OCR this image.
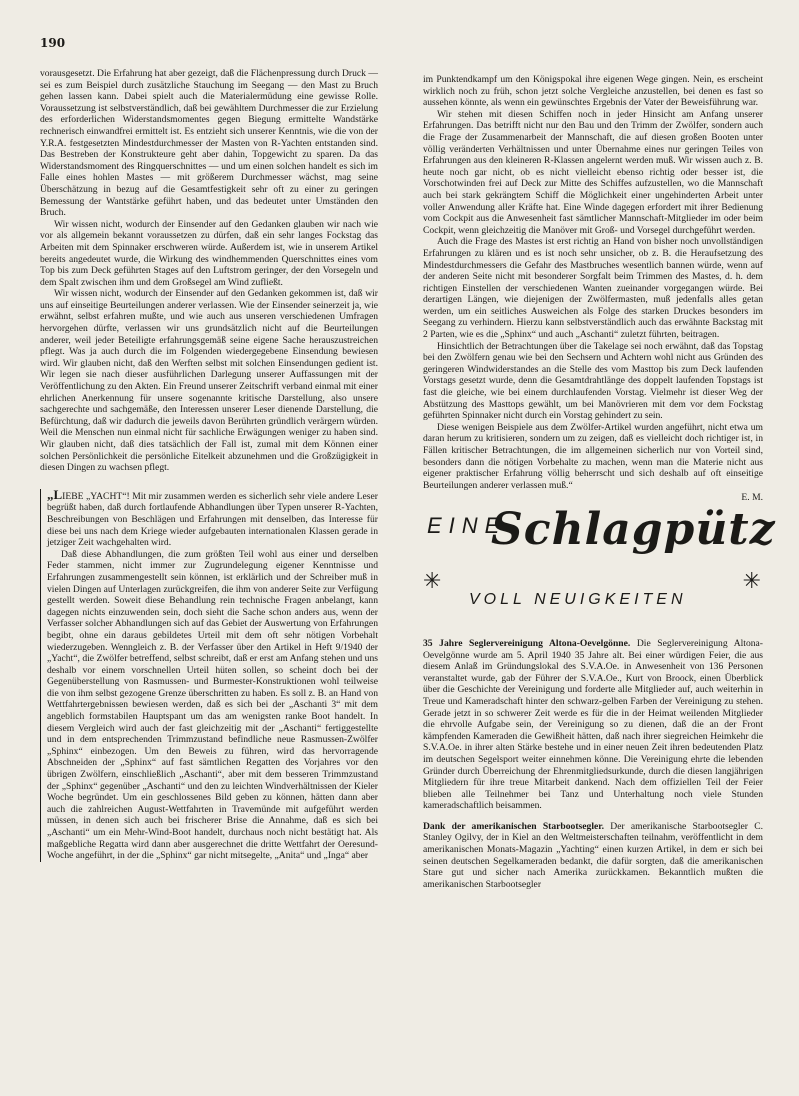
190

vorausgesetzt. Die Erfahrung hat aber gezeigt, daß die Flächenpressung durch Druck — sei es zum Beispiel durch zusätzliche Stauchung im Seegang — den Mast zu Bruch gehen lassen kann. Dabei spielt auch die Materialermüdung eine gewisse Rolle. Voraussetzung ist selbstverständlich, daß bei gewähltem Durchmesser die zur Erzielung des erforderlichen Widerstandsmomentes gegen Biegung ermittelte Wandstärke rechnerisch einwandfrei ermittelt ist. Es entzieht sich unserer Kenntnis, wie die von der Y.R.A. festgesetzten Mindestdurchmesser der Masten von R-Yachten entstanden sind. Das Bestreben der Konstrukteure geht aber dahin, Topgewicht zu sparen. Da das Widerstandsmoment des Ringquerschnittes — und um einen solchen handelt es sich im Falle eines hohlen Mastes — mit größerem Durchmesser wächst, mag seine Überschätzung in bezug auf die Gesamtfestigkeit sehr oft zu einer zu geringen Bemessung der Wantstärke geführt haben, und das bedeutet unter Umständen den Bruch.

Wir wissen nicht, wodurch der Einsender auf den Gedanken glauben wir nach wie vor als allgemein bekannt voraussetzen zu dürfen, daß ein sehr langes Fockstag das Arbeiten mit dem Spinnaker erschweren würde. Außerdem ist, wie in unserem Artikel bereits angedeutet wurde, die Wirkung des windhemmenden Querschnittes eines vom Top bis zum Deck geführten Stages auf den Luftstrom geringer, der den Vorsegeln und dem Spalt zwischen ihm und dem Großsegel am Wind zufließt.

Wir wissen nicht, wodurch der Einsender auf den Gedanken gekommen ist, daß wir uns auf einseitige Beurteilungen anderer verlassen. Wie der Einsender seinerzeit ja, wie erwähnt, selbst erfahren mußte, und wie auch aus unseren verschiedenen Umfragen hervorgehen dürfte, verlassen wir uns grundsätzlich nicht auf die Beurteilungen anderer, weil jeder Beteiligte erfahrungsgemäß seine eigene Sache herauszustreichen pflegt. Was ja auch durch die im Folgenden wiedergegebene Einsendung bewiesen wird. Wir glauben nicht, daß den Werften selbst mit solchen Einsendungen gedient ist. Wir legen sie nach dieser ausführlichen Darlegung unserer Auffassungen mit der Veröffentlichung zu den Akten. Ein Freund unserer Zeitschrift verband einmal mit einer ehrlichen Anerkennung für unsere sogenannte kritische Darstellung, also unsere sachgerechte und sachgemäße, den Interessen unserer Leser dienende Darstellung, die Befürchtung, daß wir dadurch die jeweils davon Berührten gründlich verärgern würden. Weil die Menschen nun einmal nicht für sachliche Erwägungen weniger zu haben sind. Wir glauben nicht, daß dies tatsächlich der Fall ist, zumal mit dem Können einer solchen Persönlichkeit die persönliche Eitelkeit abzunehmen und die Großzügigkeit in diesen Dingen zu wachsen pflegt.

„LIEBE „YACHT“! Mit mir zusammen werden es sicherlich sehr viele andere Leser begrüßt haben, daß durch fortlaufende Abhandlungen über Typen unserer R-Yachten, Beschreibungen von Beschlägen und Erfahrungen mit denselben, das Interesse für diese bei uns nach dem Kriege wieder aufgebauten internationalen Klassen gerade in jetziger Zeit wachgehalten wird.

Daß diese Abhandlungen, die zum größten Teil wohl aus einer und derselben Feder stammen, nicht immer zur Zugrundelegung eigener Kenntnisse und Erfahrungen zusammengestellt sein können, ist erklärlich und der Schreiber muß in vielen Dingen auf Unterlagen zurückgreifen, die ihm von anderer Seite zur Verfügung gestellt werden. Soweit diese Behandlung rein technische Fragen anbelangt, kann dagegen nichts einzuwenden sein, doch sieht die Sache schon anders aus, wenn der Verfasser solcher Abhandlungen sich auf das Gebiet der Auswertung von Erfahrungen begibt, ohne ein daraus gebildetes Urteil mit dem oft sehr nötigen Vorbehalt wiederzugeben. Wenngleich z. B. der Verfasser über den Artikel in Heft 9/1940 der „Yacht“, die Zwölfer betreffend, selbst schreibt, daß er erst am Anfang stehen und uns deshalb vor einem vorschnellen Urteil hüten sollen, so scheint doch bei der Gegenüberstellung von Rasmussen- und Burmester-Konstruktionen wohl teilweise die von ihm selbst gezogene Grenze überschritten zu haben. Es soll z. B. an Hand von Wettfahrtergebnissen bewiesen werden, daß es sich bei der „Aschanti 3“ mit dem angeblich formstabilen Hauptspant um das am wenigsten ranke Boot handelt. In diesem Vergleich wird auch der fast gleichzeitig mit der „Aschanti“ fertiggestellte und in dem entsprechenden Trimmzustand befindliche neue Rasmussen-Zwölfer „Sphinx“ einbezogen. Um den Beweis zu führen, wird das hervorragende Abschneiden der „Sphinx“ auf fast sämtlichen Regatten des Vorjahres vor den übrigen Zwölfern, einschließlich „Aschanti“, aber mit dem besseren Trimmzustand der „Sphinx“ gegenüber „Aschanti“ und den zu leichten Windverhältnissen der Kieler Woche begründet. Um ein geschlossenes Bild geben zu können, hätten dann aber auch die zahlreichen August-Wettfahrten in Travemünde mit aufgeführt werden müssen, in denen sich auch bei frischerer Brise die Annahme, daß es sich bei „Aschanti“ um ein Mehr-Wind-Boot handelt, durchaus noch nicht bestätigt hat. Als maßgebliche Regatta wird dann aber ausgerechnet die dritte Wettfahrt der Oeresund-Woche angeführt, in der die „Sphinx“ gar nicht mitsegelte, „Anita“ und „Inga“ aber

im Punktendkampf um den Königspokal ihre eigenen Wege gingen. Nein, es erscheint wirklich noch zu früh, schon jetzt solche Vergleiche anzustellen, bei denen es fast so aussehen könnte, als wenn ein gewünschtes Ergebnis der Vater der Beweisführung war.

Wir stehen mit diesen Schiffen noch in jeder Hinsicht am Anfang unserer Erfahrungen. Das betrifft nicht nur den Bau und den Trimm der Zwölfer, sondern auch die Frage der Zusammenarbeit der Mannschaft, die auf diesen großen Booten unter völlig veränderten Verhältnissen und unter Übernahme eines nur geringen Teiles von Erfahrungen aus den kleineren R-Klassen angelernt werden muß. Wir wissen auch z. B. heute noch gar nicht, ob es nicht vielleicht ebenso richtig oder besser ist, die Vorschotwinden frei auf Deck zur Mitte des Schiffes aufzustellen, wo die Mannschaft auch bei stark gekrängtem Schiff die Möglichkeit einer ungehinderten Arbeit unter voller Anwendung aller Kräfte hat. Eine Winde dagegen erfordert mit ihrer Bedienung vom Cockpit aus die Anwesenheit fast sämtlicher Mannschaft-Mitglieder im oder beim Cockpit, wenn gleichzeitig die Manöver mit Groß- und Vorsegel durchgeführt werden.

Auch die Frage des Mastes ist erst richtig an Hand von bisher noch unvollständigen Erfahrungen zu klären und es ist noch sehr unsicher, ob z. B. die Heraufsetzung des Mindestdurchmessers die Gefahr des Mastbruches wesentlich bannen würde, wenn auf der anderen Seite nicht mit besonderer Sorgfalt beim Trimmen des Mastes, d. h. dem richtigen Einstellen der verschiedenen Wanten zueinander vorgegangen würde. Bei derartigen Längen, wie diejenigen der Zwölfermasten, muß jedenfalls alles getan werden, um ein seitliches Ausweichen als Folge des starken Druckes besonders im Seegang zu verhindern. Hierzu kann selbstverständlich auch das erwähnte Backstag mit 2 Parten, wie es die „Sphinx“ und auch „Aschanti“ zuletzt führten, beitragen.

Hinsichtlich der Betrachtungen über die Takelage sei noch erwähnt, daß das Topstag bei den Zwölfern genau wie bei den Sechsern und Achtern wohl nicht aus Gründen des geringeren Windwiderstandes an die Stelle des vom Masttop bis zum Deck laufenden Vorstags gesetzt wurde, denn die Gesamtdrahtlänge des doppelt laufenden Topstags ist fast die gleiche, wie bei einem durchlaufenden Vorstag. Vielmehr ist dieser Weg der Abstützung des Masttops gewählt, um bei Manövrieren mit dem vor dem Fockstag geführten Spinnaker nicht durch ein Vorstag gehindert zu sein.

Diese wenigen Beispiele aus dem Zwölfer-Artikel wurden angeführt, nicht etwa um daran herum zu kritisieren, sondern um zu zeigen, daß es vielleicht doch richtiger ist, in Fällen kritischer Betrachtungen, die im allgemeinen sicherlich nur von Vorteil sind, besonders dann die nötigen Vorbehalte zu machen, wenn man die Materie nicht aus eigener praktischer Erfahrung völlig beherrscht und sich deshalb auf oft einseitige Beurteilungen anderer verlassen muß.“

E. M.
EINE
Schlagpütz
✳
VOLL NEUIGKEITEN
✳

35 Jahre Seglervereinigung Altona-Oevelgönne. Die Seglervereinigung Altona-Oevelgönne wurde am 5. April 1940 35 Jahre alt. Bei einer würdigen Feier, die aus diesem Anlaß im Gründungslokal des S.V.A.Oe. in Anwesenheit von 136 Personen veranstaltet wurde, gab der Führer der S.V.A.Oe., Kurt von Broock, einen Überblick über die Geschichte der Vereinigung und forderte alle Mitglieder auf, auch weiterhin in Treue und Kameradschaft hinter den schwarz-gelben Farben der Vereinigung zu stehen. Gerade jetzt in so schwerer Zeit werde es für die in der Heimat weilenden Mitglieder die ehrvolle Aufgabe sein, der Vereinigung so zu dienen, daß die an der Front kämpfenden Kameraden die Gewißheit hätten, daß nach ihrer siegreichen Heimkehr die S.V.A.Oe. in ihrer alten Stärke bestehe und in einer neuen Zeit ihren bedeutenden Platz im deutschen Segelsport weiter einnehmen könne. Die Vereinigung ehrte die lebenden Gründer durch Überreichung der Ehrenmitgliedsurkunde, durch die diesen langjährigen Mitgliedern für ihre treue Mitarbeit dankend. Nach dem offiziellen Teil der Feier blieben alle Teilnehmer bei Tanz und Unterhaltung noch viele Stunden kameradschaftlich beisammen.

Dank der amerikanischen Starbootsegler. Der amerikanische Starbootsegler C. Stanley Ogilvy, der in Kiel an den Weltmeisterschaften teilnahm, veröffentlicht in dem amerikanischen Monats-Magazin „Yachting“ einen kurzen Artikel, in dem er sich bei seinen deutschen Segelkameraden bedankt, die dafür sorgten, daß die amerikanischen Stare gut und sicher nach Amerika zurückkamen. Bekanntlich mußten die amerikanischen Starbootsegler
